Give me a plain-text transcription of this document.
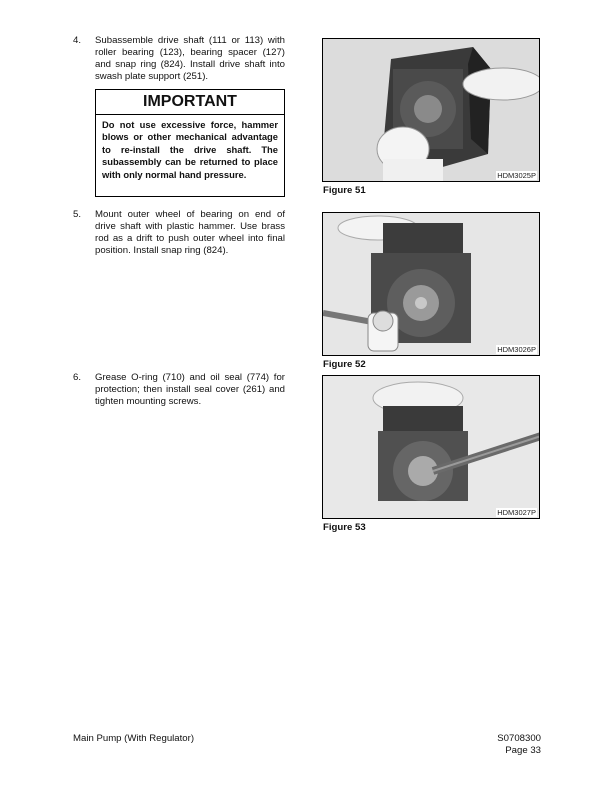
4. Subassemble drive shaft (111 or 113) with roller bearing (123), bearing spacer (127) and snap ring (824). Install drive shaft into swash plate support (251).
IMPORTANT
Do not use excessive force, hammer blows or other mechanical advantage to re-install the drive shaft. The subassembly can be returned to place with only normal hand pressure.
5. Mount outer wheel of bearing on end of drive shaft with plastic hammer. Use brass rod as a drift to push outer wheel into final position. Install snap ring (824).
6. Grease O-ring (710) and oil seal (774) for protection; then install seal cover (261) and tighten mounting screws.
HDM3025P
Figure 51
HDM3026P
Figure 52
HDM3027P
Figure 53
Main Pump (With Regulator)	S0708300
Page 33
